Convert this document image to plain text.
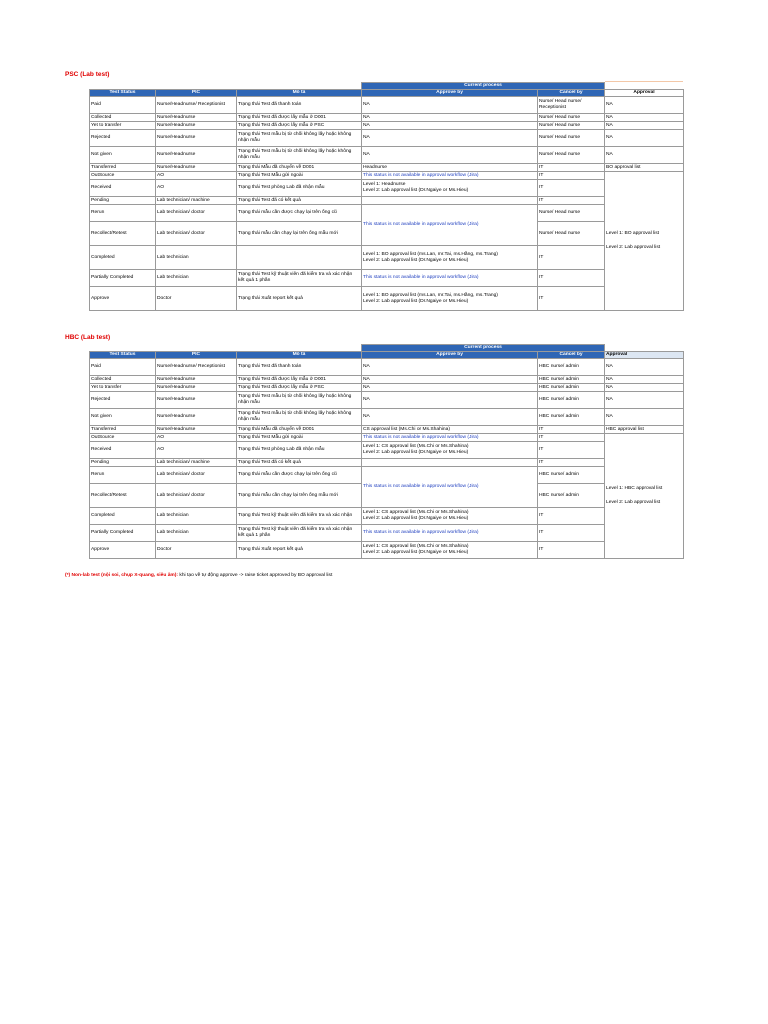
PSC (Lab test)
			Current process			
Test Status	PIC	Mô tả	Approve by	Cancel by	Approval	
Paid	Nurse/Headnurse/ Receptionist	Trạng thái Test đã thanh toán	NA	Nurse/ Head nurse/ Receptionist	NA	
Collected	Nurse/Headnurse	Trạng thái Test đã được lấy mẫu ở D001	NA	Nurse/ Head nurse	NA	
Yet to transfer	Nurse/Headnurse	Trạng thái Test đã được lấy mẫu ở PSC	NA	Nurse/ Head nurse	NA	
Rejected	Nurse/Headnurse	Trạng thái Test mẫu bị từ chối không lấy hoặc không nhận mẫu	NA	Nurse/ Head nurse	NA	
Not given	Nurse/Headnurse	Trạng thái Test mẫu bị từ chối không lấy hoặc không nhận mẫu	NA	Nurse/ Head nurse	NA	
Transferred	Nurse/Headnurse	Trạng thái Mẫu đã chuyển về D001	Headnurse	IT	BO approval list	
OutSource	AO	Trạng thái Test Mẫu gửi ngoài	This status is not available in approval workflow (Jira)	IT	Level 1: BO approval list
Level 2: Lab approval list	

Received	AO	Trạng thái Test phòng Lab đã nhận mẫu	Level 1: Headnurse
Level 2: Lab approval list (Dr.Ngaiye or Ms.Hieu)	IT		
Pending	Lab technician/ machine	Trạng thái Test đã có kết quả		IT		
Rerun	Lab technician/ doctor	Trạng thái mẫu cần được chạy lại trên ống cũ	This status is not available in approval workflow (Jira)	Nurse/ Head nurse		
Recollect/Retest	Lab technician/ doctor	Trạng thái mẫu cần chạy lại trên ống mẫu mới		Nurse/ Head nurse		
Completed	Lab technician		Level 1: BO approval list (ms.Lan, mr.Tai, ms.Hằng, ms.Trang)
Level 2: Lab approval list (Dr.Ngaiye or Ms.Hieu)	IT		
Partially Completed	Lab technician	Trạng thái Test kỹ thuật viên đã kiểm tra và xác nhận kết quả 1 phần	This status is not available in approval workflow (Jira)	IT		
Approve	Doctor	Trạng thái Xuất report kết quả	Level 1: BO approval list (ms.Lan, mr.Tai, ms.Hằng, ms.Trang)
Level 2: Lab approval list (Dr.Ngaiye or Ms.Hieu)	IT		
HBC (Lab test)
			Current process			
Test Status	PIC	Mô tả	Approve by	Cancel by	Approval	
Paid	Nurse/Headnurse/ Receptionist	Trạng thái Test đã thanh toán	NA	HBC nurse/ admin	NA	
Collected	Nurse/Headnurse	Trạng thái Test đã được lấy mẫu ở D001	NA	HBC nurse/ admin	NA	
Yet to transfer	Nurse/Headnurse	Trạng thái Test đã được lấy mẫu ở PSC	NA	HBC nurse/ admin	NA	
Rejected	Nurse/Headnurse	Trạng thái Test mẫu bị từ chối không lấy hoặc không nhận mẫu	NA	HBC nurse/ admin	NA	
Not given	Nurse/Headnurse	Trạng thái Test mẫu bị từ chối không lấy hoặc không nhận mẫu	NA	HBC nurse/ admin	NA	
Transferred	Nurse/Headnurse	Trạng thái Mẫu đã chuyển về D001	CS approval list (Ms.Chi or Ms.Shahina)	IT	HBC approval list	
OutSource	AO	Trạng thái Test Mẫu gửi ngoài	This status is not available in approval workflow (Jira)	IT	Level 1: HBC approval list
Level 2: Lab approval list	

Received	AO	Trạng thái Test phòng Lab đã nhận mẫu	Level 1: CS approval list (Ms.Chi or Ms.Shahina)
Level 2: Lab approval list (Dr.Ngaiye or Ms.Hieu)	IT		
Pending	Lab technician/ machine	Trạng thái Test đã có kết quả		IT		
Rerun	Lab technician/ doctor	Trạng thái mẫu cần được chạy lại trên ống cũ	This status is not available in approval workflow (Jira)	HBC nurse/ admin		
Recollect/Retest	Lab technician/ doctor	Trạng thái mẫu cần chạy lại trên ống mẫu mới		HBC nurse/ admin		
Completed	Lab technician	Trạng thái Test kỹ thuật viên đã kiểm tra và xác nhận	Level 1: CS approval list (Ms.Chi or Ms.Shahina)
Level 2: Lab approval list (Dr.Ngaiye or Ms.Hieu)	IT		
Partially Completed	Lab technician	Trạng thái Test kỹ thuật viên đã kiểm tra và xác nhận kết quả 1 phần	This status is not available in approval workflow (Jira)	IT		
Approve	Doctor	Trạng thái Xuất report kết quả	Level 1: CS approval list (Ms.Chi or Ms.Shahina)
Level 2: Lab approval list (Dr.Ngaiye or Ms.Hieu)	IT		
(*) Non-lab test (nội soi, chụp X-quang, siêu âm): khi tạo về tự động approve -> raise ticket approved by BO approval list
